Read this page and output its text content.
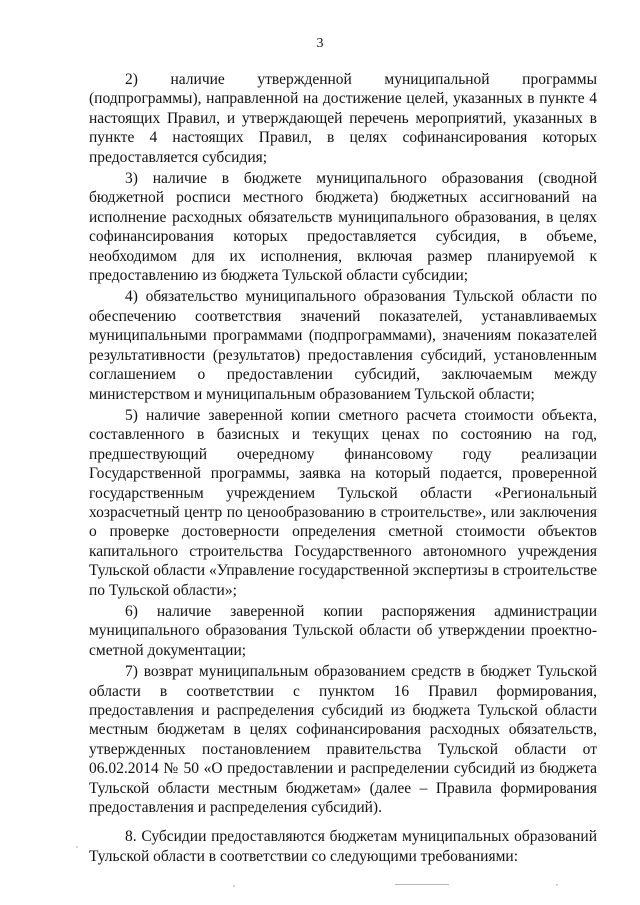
3

2) наличие утвержденной муниципальной программы (подпрограммы), направленной на достижение целей, указанных в пункте 4 настоящих Правил, и утверждающей перечень мероприятий, указанных в пункте 4 настоящих Правил, в целях софинансирования которых предоставляется субсидия;

3) наличие в бюджете муниципального образования (сводной бюджетной росписи местного бюджета) бюджетных ассигнований на исполнение расходных обязательств муниципального образования, в целях софинансирования которых предоставляется субсидия, в объеме, необходимом для их исполнения, включая размер планируемой к предоставлению из бюджета Тульской области субсидии;

4) обязательство муниципального образования Тульской области по обеспечению соответствия значений показателей, устанавливаемых муниципальными программами (подпрограммами), значениям показателей результативности (результатов) предоставления субсидий, установленным соглашением о предоставлении субсидий, заключаемым между министерством и муниципальным образованием Тульской области;

5) наличие заверенной копии сметного расчета стоимости объекта, составленного в базисных и текущих ценах по состоянию на год, предшествующий очередному финансовому году реализации Государственной программы, заявка на который подается, проверенной государственным учреждением Тульской области «Региональный хозрасчетный центр по ценообразованию в строительстве», или заключения о проверке достоверности определения сметной стоимости объектов капитального строительства Государственного автономного учреждения Тульской области «Управление государственной экспертизы в строительстве по Тульской области»;

6) наличие заверенной копии распоряжения администрации муниципального образования Тульской области об утверждении проектно-сметной документации;

7) возврат муниципальным образованием средств в бюджет Тульской области в соответствии с пунктом 16 Правил формирования, предоставления и распределения субсидий из бюджета Тульской области местным бюджетам в целях софинансирования расходных обязательств, утвержденных постановлением правительства Тульской области от 06.02.2014 № 50 «О предоставлении и распределении субсидий из бюджета Тульской области местным бюджетам» (далее – Правила формирования предоставления и распределения субсидий).

8. Субсидии предоставляются бюджетам муниципальных образований Тульской области в соответствии со следующими требованиями:
